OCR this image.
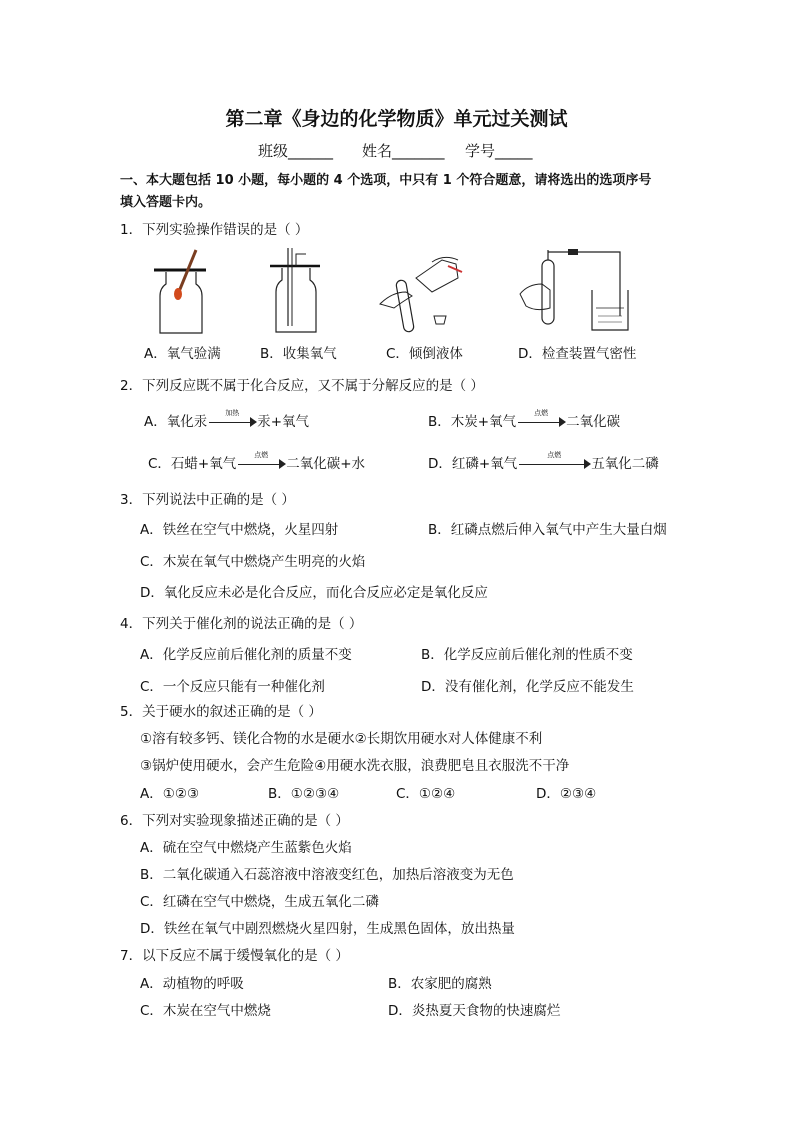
第二章《身边的化学物质》单元过关测试
班级______ 姓名_______ 学号_____
一、本大题包括 10 小题，每小题的 4 个选项，中只有 1 个符合题意，请将选出的选项序号
填入答题卡内。
1．下列实验操作错误的是（ ）
A．氧气验满	B．收集氧气	C．倾倒液体	D．检查装置气密性
2．下列反应既不属于化合反应，又不属于分解反应的是（ ）
A．氧化汞
加热
汞+氧气	B．木炭+氧气
点燃
二氧化碳
C．石蜡+氧气
点燃
二氧化碳+水	D．红磷+氧气
点燃
五氧化二磷
3．下列说法中正确的是（ ）
A．铁丝在空气中燃烧，火星四射	B．红磷点燃后伸入氧气中产生大量白烟
C．木炭在氧气中燃烧产生明亮的火焰
D．氧化反应未必是化合反应，而化合反应必定是氧化反应
4．下列关于催化剂的说法正确的是（ ）
A．化学反应前后催化剂的质量不变	B．化学反应前后催化剂的性质不变
C．一个反应只能有一种催化剂	D．没有催化剂，化学反应不能发生
5．关于硬水的叙述正确的是（ ）
①溶有较多钙、镁化合物的水是硬水②长期饮用硬水对人体健康不利
③锅炉使用硬水，会产生危险④用硬水洗衣服，浪费肥皂且衣服洗不干净
A．①②③	B．①②③④	C．①②④	D．②③④
6．下列对实验现象描述正确的是（ ）
A．硫在空气中燃烧产生蓝紫色火焰
B．二氧化碳通入石蕊溶液中溶液变红色，加热后溶液变为无色
C．红磷在空气中燃烧，生成五氧化二磷
D．铁丝在氧气中剧烈燃烧火星四射，生成黑色固体，放出热量
7．以下反应不属于缓慢氧化的是（ ）
A．动植物的呼吸	B．农家肥的腐熟
C．木炭在空气中燃烧	D．炎热夏天食物的快速腐烂
